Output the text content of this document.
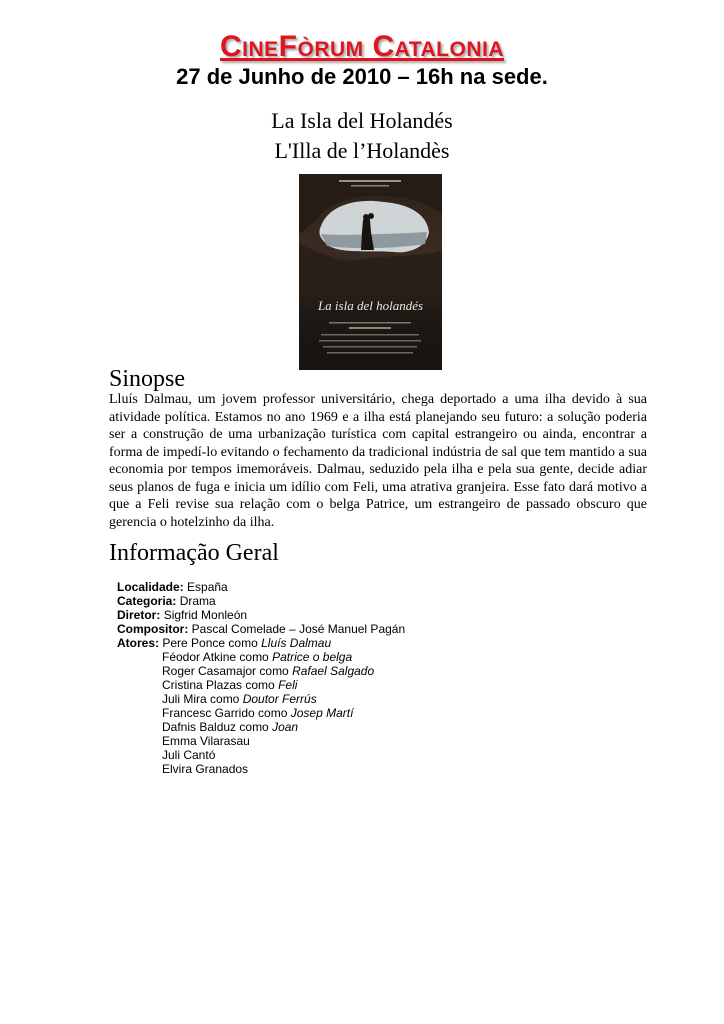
CineFòrum Catalonia
27 de Junho de 2010 – 16h na sede.
La Isla del Holandés
L'Illa de l’Holandès
La isla del holandés
Sinopse
Lluís Dalmau, um jovem professor universitário, chega deportado a uma ilha devido à sua atividade política. Estamos no ano 1969 e a ilha está planejando seu futuro: a solução poderia ser a construção de uma urbanização turística com capital estrangeiro ou ainda, encontrar a forma de impedí-lo evitando o fechamento da tradicional indústria de sal que tem mantido a sua economia por tempos imemoráveis. Dalmau, seduzido pela ilha e pela sua gente, decide adiar seus planos de fuga e inicia um idílio com Feli, uma atrativa granjeira. Esse fato dará motivo a que a Feli revise sua relação com o belga Patrice, um estrangeiro de passado obscuro que gerencia o hotelzinho da ilha.
Informação Geral
Localidade: España
Categoria: Drama
Diretor: Sigfrid Monleón
Compositor: Pascal Comelade – José Manuel Pagán
Atores: Pere Ponce como Lluís Dalmau
Féodor Atkine como Patrice o belga
Roger Casamajor como Rafael Salgado
Cristina Plazas como Feli
Juli Mira como Doutor Ferrús
Francesc Garrido como Josep Martí
Dafnis Balduz como Joan
Emma Vilarasau
Juli Cantó
Elvira Granados
